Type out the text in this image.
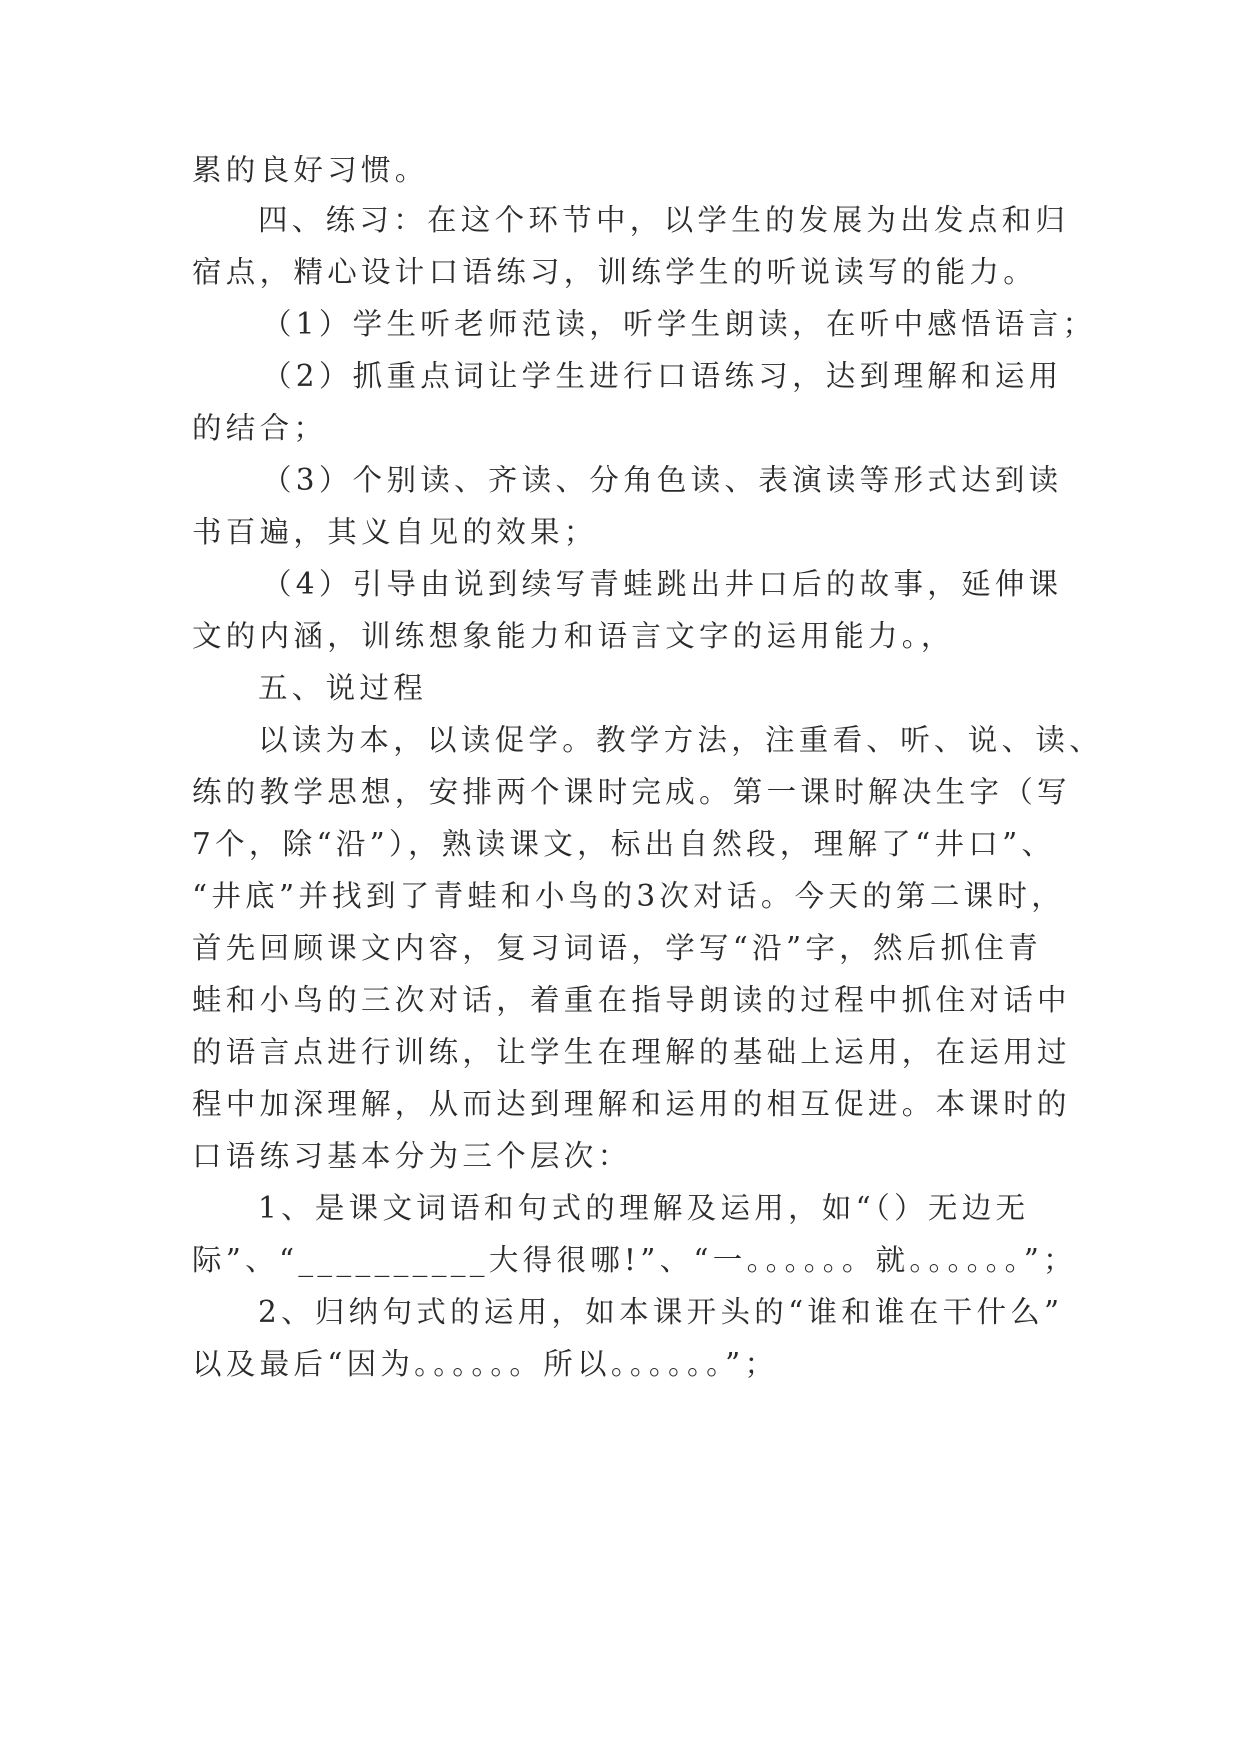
累的良好习惯。
四、练习：在这个环节中，以学生的发展为出发点和归
宿点，精心设计口语练习，训练学生的听说读写的能力。
（1）学生听老师范读，听学生朗读，在听中感悟语言；
（2）抓重点词让学生进行口语练习，达到理解和运用
的结合；
（3）个别读、齐读、分角色读、表演读等形式达到读
书百遍，其义自见的效果；
（4）引导由说到续写青蛙跳出井口后的故事，延伸课
文的内涵，训练想象能力和语言文字的运用能力。，
五、说过程
以读为本，以读促学。教学方法，注重看、听、说、读、
练的教学思想，安排两个课时完成。第一课时解决生字（写
7个，除“沿”），熟读课文，标出自然段，理解了“井口”、
“井底”并找到了青蛙和小鸟的3次对话。今天的第二课时，
首先回顾课文内容，复习词语，学写“沿”字，然后抓住青
蛙和小鸟的三次对话，着重在指导朗读的过程中抓住对话中
的语言点进行训练，让学生在理解的基础上运用，在运用过
程中加深理解，从而达到理解和运用的相互促进。本课时的
口语练习基本分为三个层次：
1、是课文词语和句式的理解及运用，如“（）无边无
际”、“__________大得很哪!”、“一。。。。。。就。。。。。。”；
2、归纳句式的运用，如本课开头的“谁和谁在干什么”
以及最后“因为。。。。。。所以。。。。。。”；
